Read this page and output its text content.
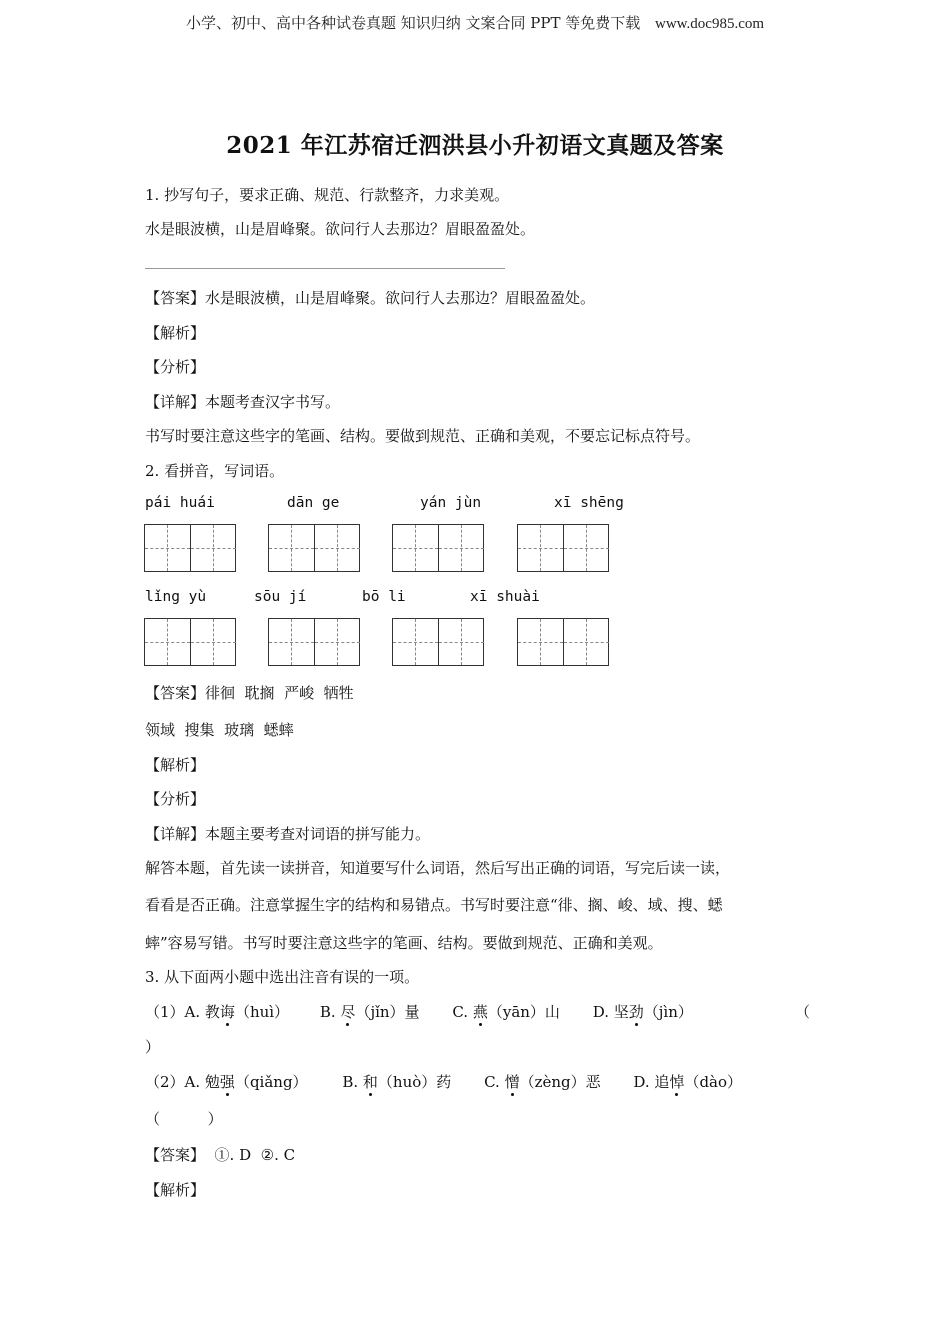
小学、初中、高中各种试卷真题 知识归纳 文案合同 PPT 等免费下载 www.doc985.com
2021 年江苏宿迁泗洪县小升初语文真题及答案
1. 抄写句子，要求正确、规范、行款整齐，力求美观。
水是眼波横，山是眉峰聚。欲问行人去那边？眉眼盈盈处。
【答案】水是眼波横，山是眉峰聚。欲问行人去那边？眉眼盈盈处。
【解析】
【分析】
【详解】本题考查汉字书写。
书写时要注意这些字的笔画、结构。要做到规范、正确和美观，不要忘记标点符号。
2. 看拼音，写词语。
pái huái	dān ge	yán jùn	xī shēng
lǐng yù	sōu jí	bō li	xī shuài
【答案】徘徊  耽搁  严峻  牺牲
领域  搜集  玻璃  蟋蟀
【解析】
【分析】
【详解】本题主要考查对词语的拼写能力。
解答本题，首先读一读拼音，知道要写什么词语，然后写出正确的词语，写完后读一读，
看看是否正确。注意掌握生字的结构和易错点。书写时要注意“徘、搁、峻、域、搜、蟋
蟀”容易写错。书写时要注意这些字的笔画、结构。要做到规范、正确和美观。
3. 从下面两小题中选出注音有误的一项。
（1）A. 教诲（huì） B. 尽（jǐn）量 C. 燕（yān）山 D. 坚劲（jìn）	（
）
（2）A. 勉强（qiǎng） B. 和（huò）药 C. 憎（zèng）恶 D. 追悼（dào）
（          ）
【答案】  ①. D  ②. C
【解析】
